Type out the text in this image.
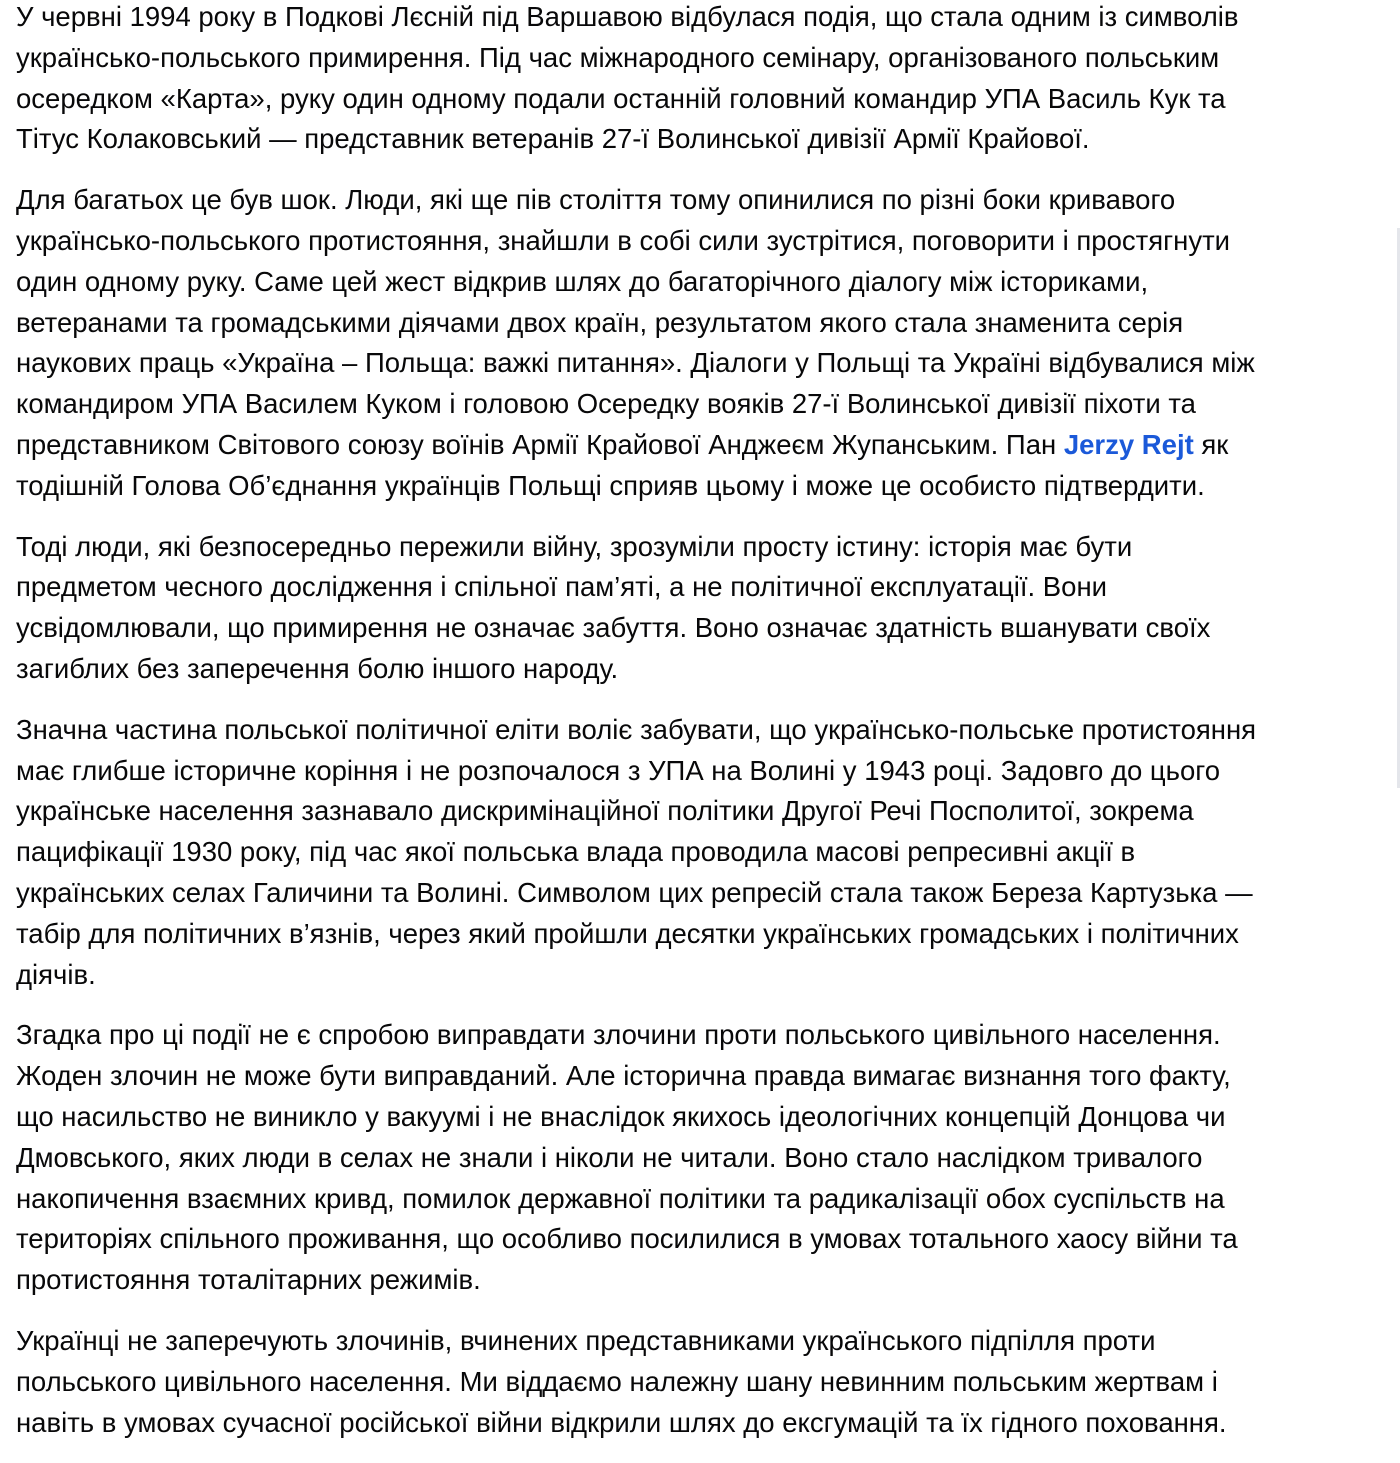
У червні 1994 року в Подкові Лєсній під Варшавою відбулася подія, що стала одним із символів
українсько-польського примирення. Під час міжнародного семінару, організованого польським
осередком «Карта», руку один одному подали останній головний командир УПА Василь Кук та
Тітус Колаковський — представник ветеранів 27-ї Волинської дивізії Армії Крайової.

Для багатьох це був шок. Люди, які ще пів століття тому опинилися по різні боки кривавого
українсько-польського протистояння, знайшли в собі сили зустрітися, поговорити і простягнути
один одному руку. Саме цей жест відкрив шлях до багаторічного діалогу між істориками,
ветеранами та громадськими діячами двох країн, результатом якого стала знаменита серія
наукових праць «Україна – Польща: важкі питання». Діалоги у Польщі та Україні відбувалися між
командиром УПА Василем Куком і головою Осередку вояків 27-ї Волинської дивізії піхоти та
представником Світового союзу воїнів Армії Крайової Анджеєм Жупанським. Пан Jerzy Rejt як
тодішній Голова Об’єднання українців Польщі сприяв цьому і може це особисто підтвердити.

Тоді люди, які безпосередньо пережили війну, зрозуміли просту істину: історія має бути
предметом чесного дослідження і спільної пам’яті, а не політичної експлуатації. Вони
усвідомлювали, що примирення не означає забуття. Воно означає здатність вшанувати своїх
загиблих без заперечення болю іншого народу.

Значна частина польської політичної еліти воліє забувати, що українсько-польське протистояння
має глибше історичне коріння і не розпочалося з УПА на Волині у 1943 році. Задовго до цього
українське населення зазнавало дискримінаційної політики Другої Речі Посполитої, зокрема
пацифікації 1930 року, під час якої польська влада проводила масові репресивні акції в
українських селах Галичини та Волині. Символом цих репресій стала також Береза Картузька —
табір для політичних в’язнів, через який пройшли десятки українських громадських і політичних
діячів.

Згадка про ці події не є спробою виправдати злочини проти польського цивільного населення.
Жоден злочин не може бути виправданий. Але історична правда вимагає визнання того факту,
що насильство не виникло у вакуумі і не внаслідок якихось ідеологічних концепцій Донцова чи
Дмовського, яких люди в селах не знали і ніколи не читали. Воно стало наслідком тривалого
накопичення взаємних кривд, помилок державної політики та радикалізації обох суспільств на
територіях спільного проживання, що особливо посилилися в умовах тотального хаосу війни та
протистояння тоталітарних режимів.

Українці не заперечують злочинів, вчинених представниками українського підпілля проти
польського цивільного населення. Ми віддаємо належну шану невинним польським жертвам і
навіть в умовах сучасної російської війни відкрили шлях до ексгумацій та їх гідного поховання.
